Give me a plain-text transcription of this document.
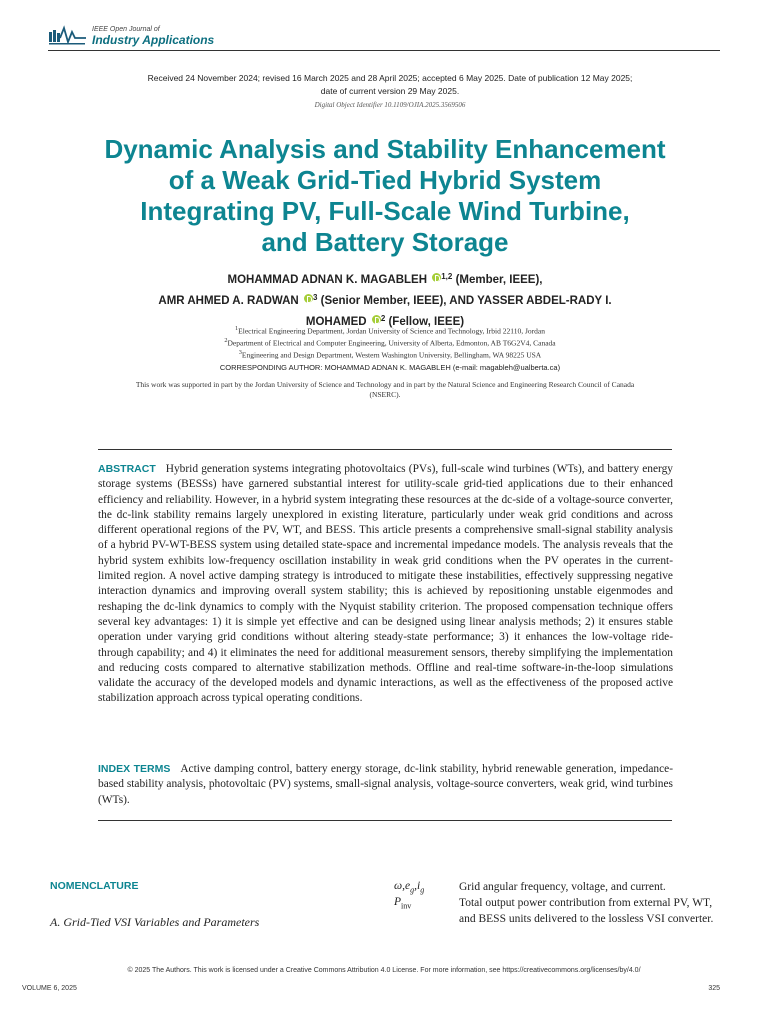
IEEE Open Journal of
Industry Applications
Received 24 November 2024; revised 16 March 2025 and 28 April 2025; accepted 6 May 2025. Date of publication 12 May 2025;
date of current version 29 May 2025.
Digital Object Identifier 10.1109/OJIA.2025.3569506
Dynamic Analysis and Stability Enhancement
of a Weak Grid-Tied Hybrid System
Integrating PV, Full-Scale Wind Turbine,
and Battery Storage
MOHAMMAD ADNAN K. MAGABLEH $^{1,2}$ (Member, IEEE),
AMR AHMED A. RADWAN $^3$ (Senior Member, IEEE), AND YASSER ABDEL-RADY I.
MOHAMED $^2$ (Fellow, IEEE)
$^1$Electrical Engineering Department, Jordan University of Science and Technology, Irbid 22110, Jordan
$^2$Department of Electrical and Computer Engineering, University of Alberta, Edmonton, AB T6G2V4, Canada
$^3$Engineering and Design Department, Western Washington University, Bellingham, WA 98225 USA
CORRESPONDING AUTHOR: MOHAMMAD ADNAN K. MAGABLEH (e-mail: magableh@ualberta.ca)
This work was supported in part by the Jordan University of Science and Technology and in part by the Natural Science and Engineering Research Council of Canada (NSERC).
ABSTRACT Hybrid generation systems integrating photovoltaics (PVs), full-scale wind turbines (WTs), and battery energy storage systems (BESSs) have garnered substantial interest for utility-scale grid-tied applications due to their enhanced efficiency and reliability. However, in a hybrid system integrating these resources at the dc-side of a voltage-source converter, the dc-link stability remains largely unexplored in existing literature, particularly under weak grid conditions and across different operational regions of the PV, WT, and BESS. This article presents a comprehensive small-signal stability analysis of a hybrid PV-WT-BESS system using detailed state-space and incremental impedance models. The analysis reveals that the hybrid system exhibits low-frequency oscillation instability in weak grid conditions when the PV operates in the current-limited region. A novel active damping strategy is introduced to mitigate these instabilities, effectively suppressing negative interaction dynamics and improving overall system stability; this is achieved by repositioning unstable eigenmodes and reshaping the dc-link dynamics to comply with the Nyquist stability criterion. The proposed compensation technique offers several key advantages: 1) it is simple yet effective and can be designed using linear analysis methods; 2) it ensures stable operation under varying grid conditions without altering steady-state performance; 3) it enhances the low-voltage ride-through capability; and 4) it eliminates the need for additional measurement sensors, thereby simplifying the implementation and reducing costs compared to alternative stabilization methods. Offline and real-time software-in-the-loop simulations validate the accuracy of the developed models and dynamic interactions, as well as the effectiveness of the proposed active stabilization approach across typical operating conditions.
INDEX TERMS Active damping control, battery energy storage, dc-link stability, hybrid renewable generation, impedance-based stability analysis, photovoltaic (PV) systems, small-signal analysis, voltage-source converters, weak grid, wind turbines (WTs).
NOMENCLATURE
A. Grid-Tied VSI Variables and Parameters
$\omega,e_g,i_g$	Grid angular frequency, voltage, and current.
$P_{inv}$	Total output power contribution from external PV, WT, and BESS units delivered to the lossless VSI converter.
© 2025 The Authors. This work is licensed under a Creative Commons Attribution 4.0 License. For more information, see https://creativecommons.org/licenses/by/4.0/
VOLUME 6, 2025	325
